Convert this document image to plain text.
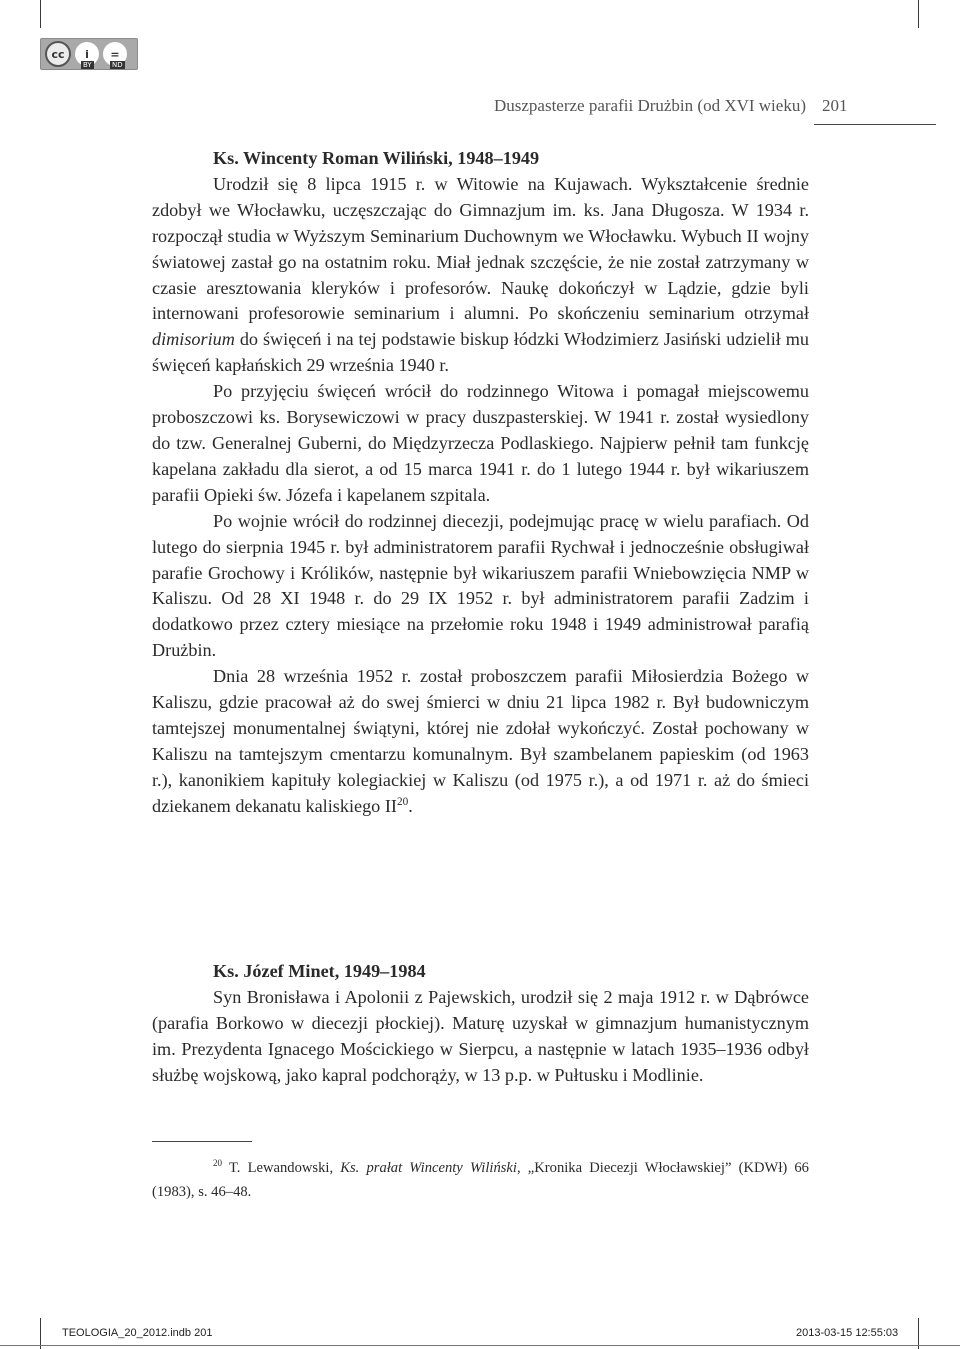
cc	i	=
BY	ND
Duszpasterze parafii Drużbin (od XVI wieku) 201

Ks. Wincenty Roman Wiliński, 1948–1949

Urodził się 8 lipca 1915 r. w Witowie na Kujawach. Wykształcenie średnie zdobył we Włocławku, uczęszczając do Gimnazjum im. ks. Jana Długosza. W 1934 r. rozpoczął studia w Wyższym Seminarium Duchownym we Włocławku. Wybuch II wojny światowej zastał go na ostatnim roku. Miał jednak szczęście, że nie został zatrzymany w czasie aresztowania kleryków i profesorów. Naukę dokończył w Lądzie, gdzie byli internowani profesorowie seminarium i alumni. Po skończeniu seminarium otrzymał dimisorium do święceń i na tej podstawie biskup łódzki Włodzimierz Jasiński udzielił mu święceń kapłańskich 29 września 1940 r.

Po przyjęciu święceń wrócił do rodzinnego Witowa i pomagał miejscowemu proboszczowi ks. Borysewiczowi w pracy duszpasterskiej. W 1941 r. został wysiedlony do tzw. Generalnej Guberni, do Międzyrzecza Podlaskiego. Najpierw pełnił tam funkcję kapelana zakładu dla sierot, a od 15 marca 1941 r. do 1 lutego 1944 r. był wikariuszem parafii Opieki św. Józefa i kapelanem szpitala.

Po wojnie wrócił do rodzinnej diecezji, podejmując pracę w wielu parafiach. Od lutego do sierpnia 1945 r. był administratorem parafii Rychwał i jednocześnie obsługiwał parafie Grochowy i Królików, następnie był wikariuszem parafii Wniebowzięcia NMP w Kaliszu. Od 28 XI 1948 r. do 29 IX 1952 r. był administratorem parafii Zadzim i dodatkowo przez cztery miesiące na przełomie roku 1948 i 1949 administrował parafią Drużbin.

Dnia 28 września 1952 r. został proboszczem parafii Miłosierdzia Bożego w Kaliszu, gdzie pracował aż do swej śmierci w dniu 21 lipca 1982 r. Był budowniczym tamtejszej monumentalnej świątyni, której nie zdołał wykończyć. Został pochowany w Kaliszu na tamtejszym cmentarzu komunalnym. Był szambelanem papieskim (od 1963 r.), kanonikiem kapituły kolegiackiej w Kaliszu (od 1975 r.), a od 1971 r. aż do śmieci dziekanem dekanatu kaliskiego II$^{20}$.

Ks. Józef Minet, 1949–1984

Syn Bronisława i Apolonii z Pajewskich, urodził się 2 maja 1912 r. w Dąbrówce (parafia Borkowo w diecezji płockiej). Maturę uzyskał w gimnazjum humanistycznym im. Prezydenta Ignacego Mościckiego w Sierpcu, a następnie w latach 1935–1936 odbył służbę wojskową, jako kapral podchorąży, w 13 p.p. w Pułtusku i Modlinie.

$^{20}$ T. Lewandowski, Ks. prałat Wincenty Wiliński, „Kronika Diecezji Włocławskiej” (KDWł) 66 (1983), s. 46–48.

TEOLOGIA_20_2012.indb 201	2013-03-15 12:55:03
